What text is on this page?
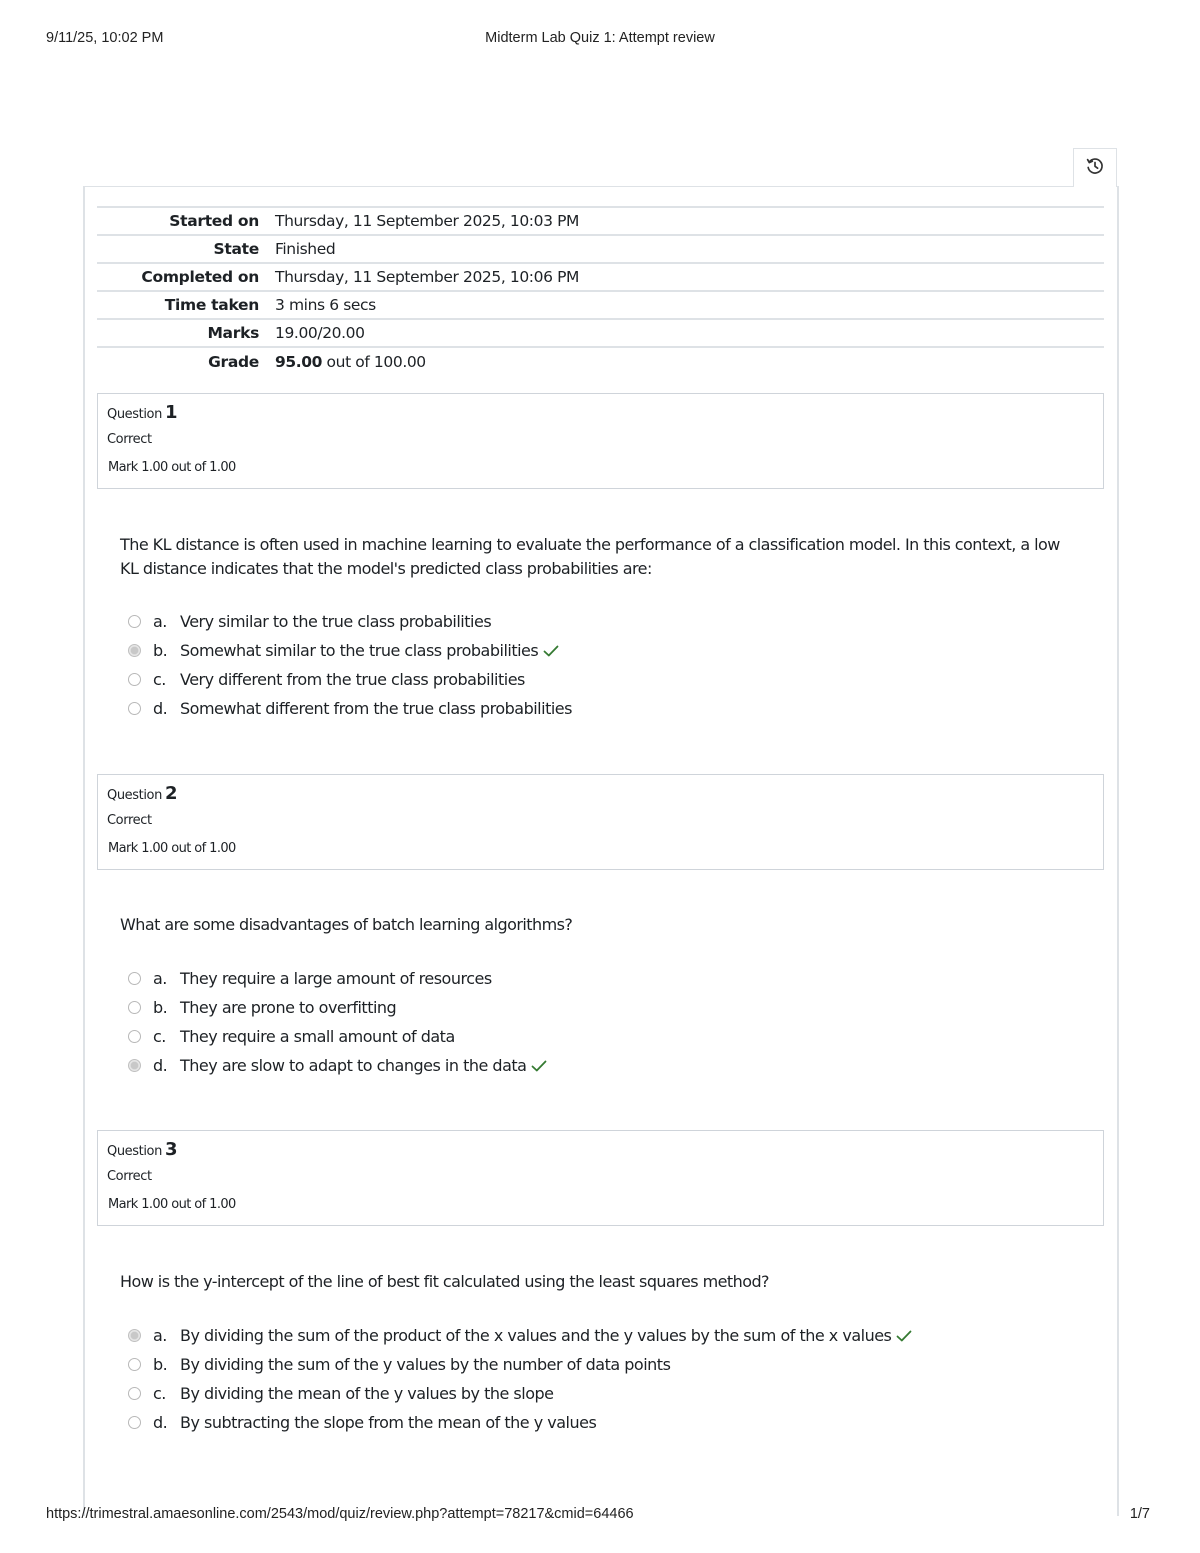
9/11/25, 10:02 PM	Midterm Lab Quiz 1: Attempt review
Started on	Thursday, 11 September 2025, 10:03 PM
State	Finished
Completed on	Thursday, 11 September 2025, 10:06 PM
Time taken	3 mins 6 secs
Marks	19.00/20.00
Grade	95.00 out of 100.00
Question 1
Correct
Mark 1.00 out of 1.00
The KL distance is often used in machine learning to evaluate the performance of a classification model. In this context, a low KL distance indicates that the model's predicted class probabilities are:
a. Very similar to the true class probabilities
b. Somewhat similar to the true class probabilities
c. Very different from the true class probabilities
d. Somewhat different from the true class probabilities
Question 2
Correct
Mark 1.00 out of 1.00
What are some disadvantages of batch learning algorithms?
a. They require a large amount of resources
b. They are prone to overfitting
c. They require a small amount of data
d. They are slow to adapt to changes in the data
Question 3
Correct
Mark 1.00 out of 1.00
How is the y-intercept of the line of best fit calculated using the least squares method?
a. By dividing the sum of the product of the x values and the y values by the sum of the x values
b. By dividing the sum of the y values by the number of data points
c. By dividing the mean of the y values by the slope
d. By subtracting the slope from the mean of the y values
https://trimestral.amaesonline.com/2543/mod/quiz/review.php?attempt=78217&cmid=64466	1/7
